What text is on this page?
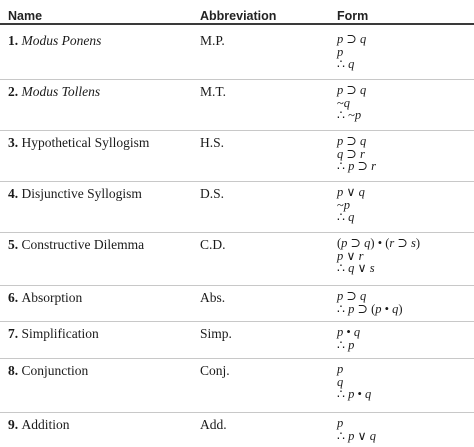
Name	Abbreviation	Form
1. Modus Ponens	M.P.	p ⊃ q
p
∴ q
2. Modus Tollens	M.T.	p ⊃ q
~q
∴ ~p
3. Hypothetical Syllogism	H.S.	p ⊃ q
q ⊃ r
∴ p ⊃ r
4. Disjunctive Syllogism	D.S.	p ∨ q
~p
∴ q
5. Constructive Dilemma	C.D.	(p ⊃ q) • (r ⊃ s)
p ∨ r
∴ q ∨ s
6. Absorption	Abs.	p ⊃ q
∴ p ⊃ (p • q)
7. Simplification	Simp.	p • q
∴ p
8. Conjunction	Conj.	p
q
∴ p • q
9. Addition	Add.	p
∴ p ∨ q
